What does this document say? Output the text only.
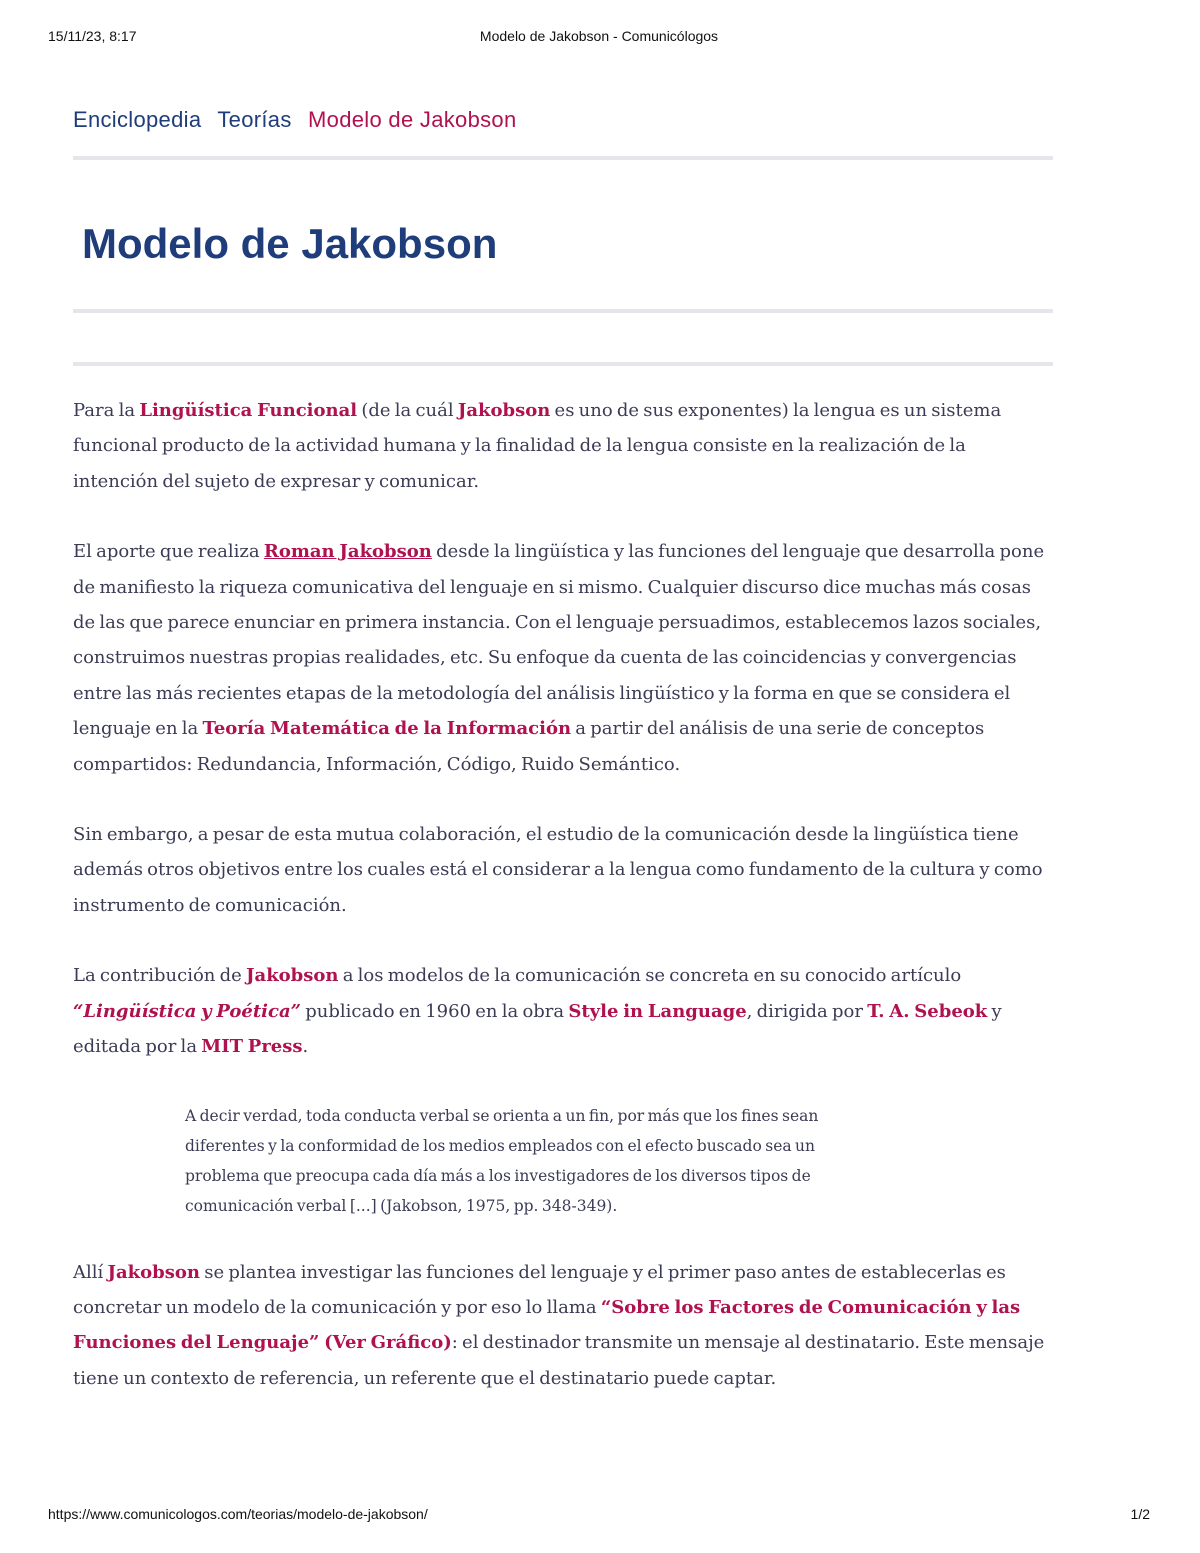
15/11/23, 8:17	Modelo de Jakobson - Comunicólogos
Enciclopedia Teorías Modelo de Jakobson
Modelo de Jakobson

Para la Lingüística Funcional (de la cuál Jakobson es uno de sus exponentes) la lengua es un sistema funcional producto de la actividad humana y la finalidad de la lengua consiste en la realización de la intención del sujeto de expresar y comunicar.

El aporte que realiza Roman Jakobson desde la lingüística y las funciones del lenguaje que desarrolla pone de manifiesto la riqueza comunicativa del lenguaje en si mismo. Cualquier discurso dice muchas más cosas de las que parece enunciar en primera instancia. Con el lenguaje persuadimos, establecemos lazos sociales, construimos nuestras propias realidades, etc. Su enfoque da cuenta de las coincidencias y convergencias entre las más recientes etapas de la metodología del análisis lingüístico y la forma en que se considera el lenguaje en la Teoría Matemática de la Información a partir del análisis de una serie de conceptos compartidos: Redundancia, Información, Código, Ruido Semántico.

Sin embargo, a pesar de esta mutua colaboración, el estudio de la comunicación desde la lingüística tiene además otros objetivos entre los cuales está el considerar a la lengua como fundamento de la cultura y como instrumento de comunicación.

La contribución de Jakobson a los modelos de la comunicación se concreta en su conocido artículo “Lingüística y Poética” publicado en 1960 en la obra Style in Language, dirigida por T. A. Sebeok y editada por la MIT Press.

A decir verdad, toda conducta verbal se orienta a un fin, por más que los fines sean diferentes y la conformidad de los medios empleados con el efecto buscado sea un problema que preocupa cada día más a los investigadores de los diversos tipos de comunicación verbal [...] (Jakobson, 1975, pp. 348-349).

Allí Jakobson se plantea investigar las funciones del lenguaje y el primer paso antes de establecerlas es concretar un modelo de la comunicación y por eso lo llama “Sobre los Factores de Comunicación y las Funciones del Lenguaje” (Ver Gráfico): el destinador transmite un mensaje al destinatario. Este mensaje tiene un contexto de referencia, un referente que el destinatario puede captar.

https://www.comunicologos.com/teorias/modelo-de-jakobson/	1/2
